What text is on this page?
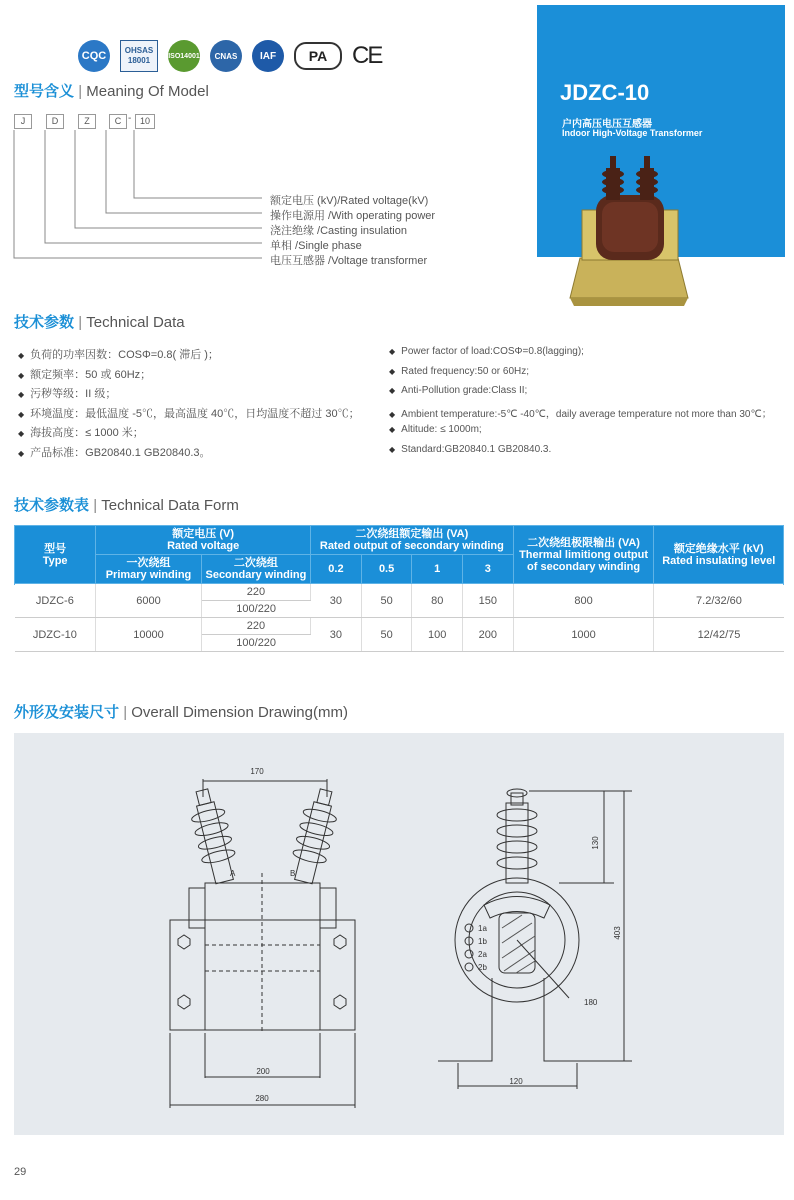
CQC	OHSAS
18001	ISO14001	CNAS	IAF	PA	CE
JDZC-10
户内高压电压互感器
Indoor High-Voltage Transformer
型号含义 | Meaning Of Model
J	D	Z	C - 10
额定电压 (kV)/Rated voltage(kV)
操作电源用 /With operating power
浇注绝缘 /Casting insulation
单相 /Single phase
电压互感器 /Voltage transformer
技术参数 | Technical Data
◆ 负荷的功率因数：COSΦ=0.8( 滞后 )；
◆ 额定频率：50 或 60Hz；
◆ 污秽等级：II 级；
◆ 环境温度：最低温度 -5℃，最高温度 40℃，日均温度不超过 30℃；
◆ 海拔高度：≤ 1000 米；
◆ 产品标准：GB20840.1 GB20840.3。
◆ Power factor of load:COSΦ=0.8(lagging);
◆ Rated frequency:50 or 60Hz;
◆ Anti-Pollution grade:Class II;
◆ Ambient temperature:-5℃ -40℃，daily average temperature not more than 30℃；
◆ Altitude: ≤ 1000m;
◆ Standard:GB20840.1 GB20840.3.
技术参数表 | Technical Data Form
型号
Type	额定电压 (V)
Rated voltage		二次绕组额定输出 (VA)
Rated output of secondary winding				二次绕组极限输出 (VA)
Thermal limitiong output
of secondary winding	额定绝缘水平 (kV)
Rated insulating level
	一次绕组
Primary winding	二次绕组
Secondary winding	0.2	0.5	1	3		

JDZC-6	6000	220	30	50	80	150	800	7.2/32/60
		100/220						
JDZC-10	10000	220	30	50	100	200	1000	12/42/75
		100/220						
外形及安装尺寸 | Overall Dimension Drawing(mm)
170
200
280
A	B
1a
1b
2a
2b
180
120
130
403
29
